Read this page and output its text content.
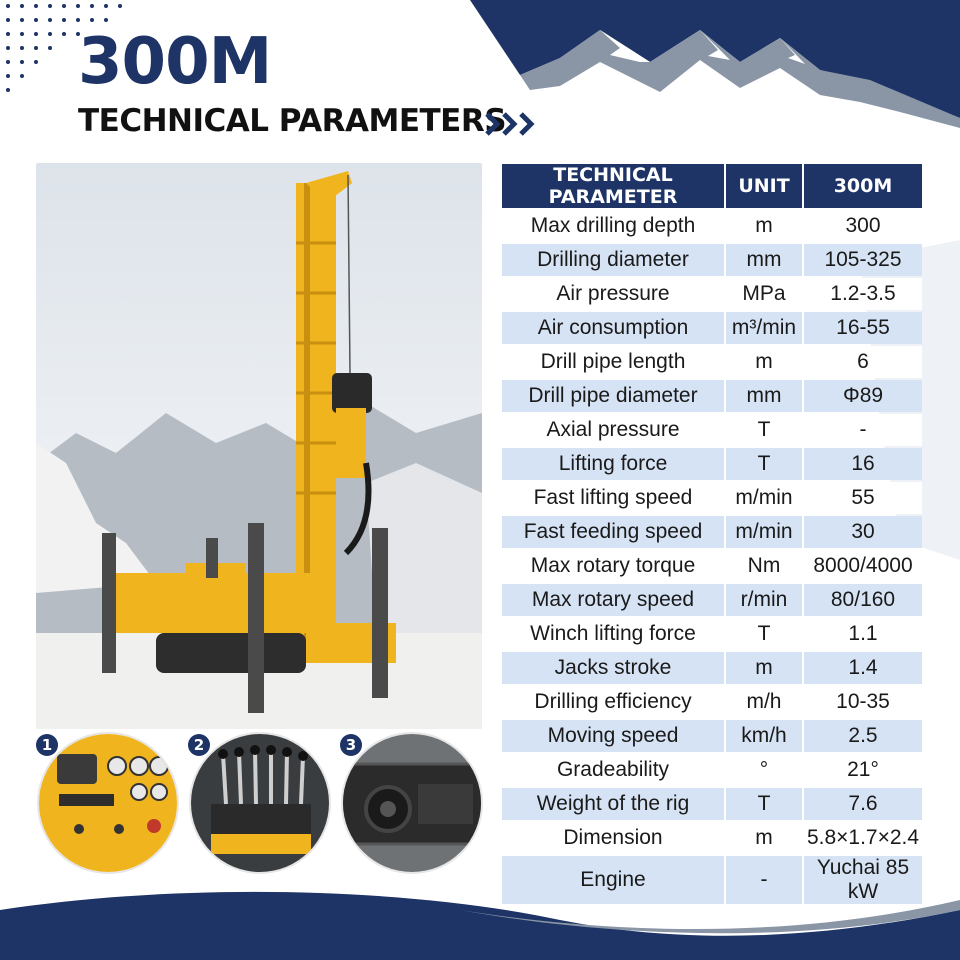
300M
TECHNICAL PARAMETERS
TECHNICAL PARAMETER	UNIT	300M
Max drilling depth	m	300
Drilling diameter	mm	105-325
Air pressure	MPa	1.2-3.5
Air consumption	m³/min	16-55
Drill pipe length	m	6
Drill pipe diameter	mm	Φ89
Axial pressure	T	-
Lifting force	T	16
Fast lifting speed	m/min	55
Fast feeding speed	m/min	30
Max rotary torque	Nm	8000/4000
Max rotary speed	r/min	80/160
Winch lifting force	T	1.1
Jacks stroke	m	1.4
Drilling efficiency	m/h	10-35
Moving speed	km/h	2.5
Gradeability	°	21°
Weight of the rig	T	7.6
Dimension	m	5.8×1.7×2.4
Engine	-	Yuchai 85 kW
1	2	3
